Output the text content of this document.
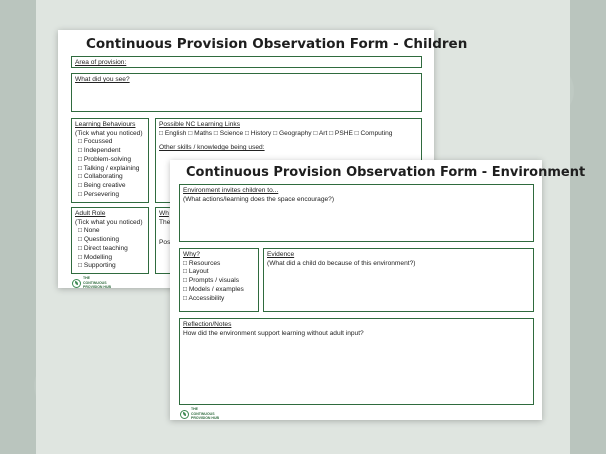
Continuous Provision Observation Form - Children
Area of provision:
What did you see?
Learning Behaviours
(Tick what you noticed)
□ Focussed
□ Independent
□ Problem-solving
□ Talking / explaining
□ Collaborating
□ Being creative
□ Persevering
Possible NC Learning Links
□ English □ Maths □ Science □ History □ Geography □ Art □ PSHE □ Computing
Other skills / knowledge being used:
Adult Role
(Tick what you noticed)
□ None
□ Questioning
□ Direct teaching
□ Modelling
□ Supporting
Wh
The
Pos
THE
CONTINUOUS
PROVISION HUB
Continuous Provision Observation Form - Environment
Environment invites children to...
(What actions/learning does the space encourage?)
Why?
□ Resources
□ Layout
□ Prompts / visuals
□ Models / examples
□ Accessibility
Evidence
(What did a child do because of this environment?)
Reflection/Notes
How did the environment support learning without adult input?
THE
CONTINUOUS
PROVISION HUB
